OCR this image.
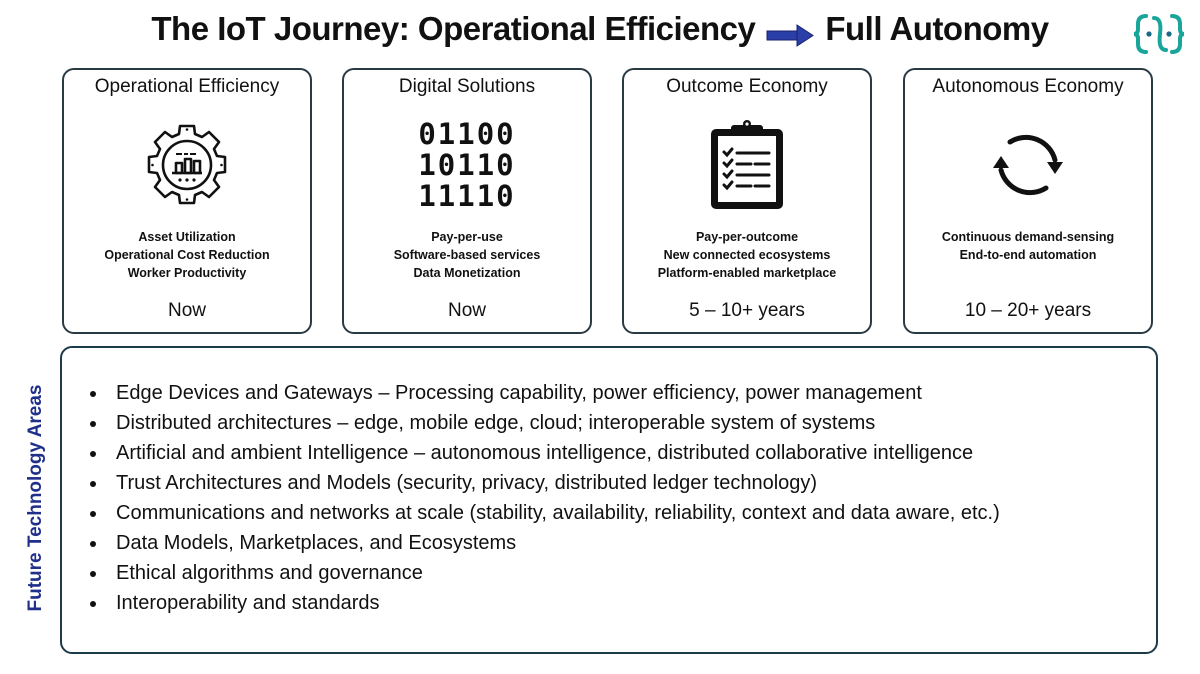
The IoT Journey: Operational Efficiency Full Autonomy
Operational Efficiency
Asset Utilization
Operational Cost Reduction
Worker Productivity
Now
Digital Solutions
01100
10110
11110
Pay-per-use
Software-based services
Data Monetization
Now
Outcome Economy
Pay-per-outcome
New connected ecosystems
Platform-enabled marketplace
5 – 10+ years
Autonomous Economy
Continuous demand-sensing
End-to-end automation
10 – 20+ years
Future Technology Areas	Edge Devices and Gateways – Processing capability, power efficiency, power management
Distributed architectures – edge, mobile edge, cloud; interoperable system of systems
Artificial and ambient Intelligence – autonomous intelligence, distributed collaborative intelligence
Trust Architectures and Models (security, privacy, distributed ledger technology)
Communications and networks at scale (stability, availability, reliability, context and data aware, etc.)
Data Models, Marketplaces, and Ecosystems
Ethical algorithms and governance
Interoperability and standards
